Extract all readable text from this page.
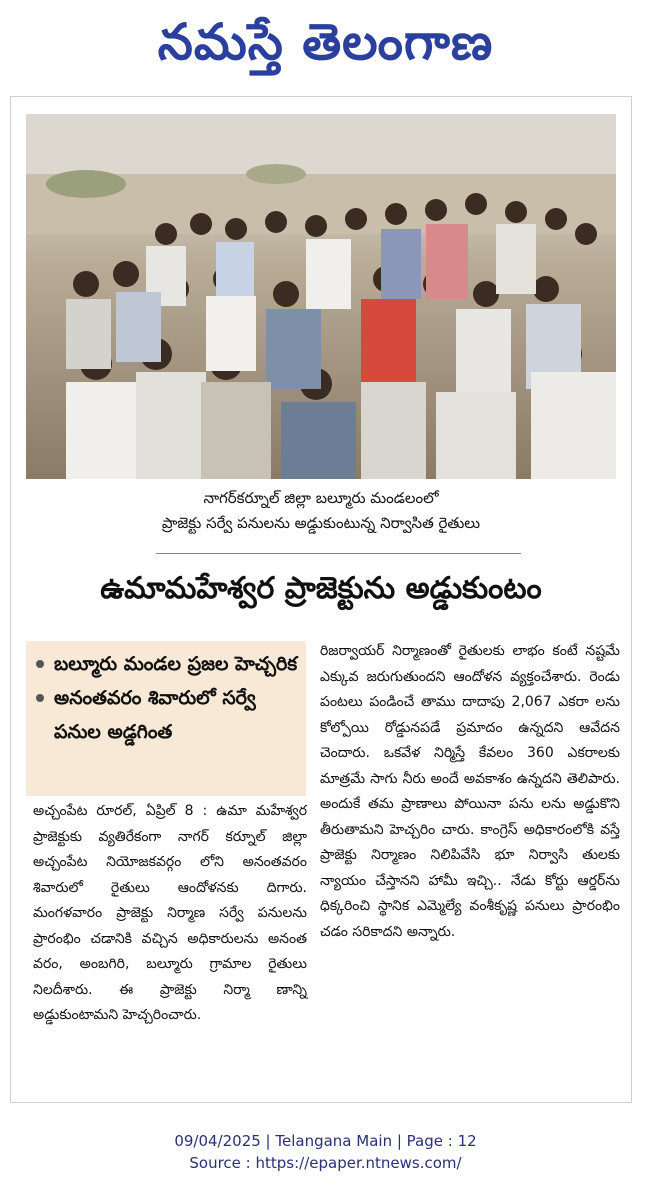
నమస్తే తెలంగాణ
నాగర్‌కర్నూల్ జిల్లా బల్మూరు మండలంలో
ప్రాజెక్టు సర్వే పనులను అడ్డుకుంటున్న నిర్వాసిత రైతులు
ఉమామహేశ్వర ప్రాజెక్టును అడ్డుకుంటం
బల్మూరు మండల ప్రజల హెచ్చరిక
అనంతవరం శివారులో సర్వే పనుల అడ్డగింత
అచ్చంపేట రూరల్, ఏప్రిల్ 8 : ఉమా మహేశ్వర ప్రాజెక్టుకు వ్యతిరేకంగా నాగర్ కర్నూల్ జిల్లా అచ్చంపేట నియోజకవర్గం లోని అనంతవరం శివారులో రైతులు ఆందోళనకు దిగారు. మంగళవారం ప్రాజెక్టు నిర్మాణ సర్వే పనులను ప్రారంభిం చడానికి వచ్చిన అధికారులను అనంత వరం, అంబగిరి, బల్మూరు గ్రామాల రైతులు నిలదీశారు. ఈ ప్రాజెక్టు నిర్మా ణాన్ని అడ్డుకుంటామని హెచ్చరించారు.
రిజర్వాయర్ నిర్మాణంతో రైతులకు లాభం కంటే నష్టమే ఎక్కువ జరుగుతుందని ఆందోళన వ్యక్తంచేశారు. రెండు పంటలు పండించే తాము దాదాపు 2,067 ఎకరా లను కోల్పోయి రోడ్డునపడే ప్రమాదం ఉన్నదని ఆవేదన చెందారు. ఒకవేళ నిర్మిస్తే కేవలం 360 ఎకరాలకు మాత్రమే సాగు నీరు అందే అవకాశం ఉన్నదని తెలిపారు. అందుకే తమ ప్రాణాలు పోయినా పను లను అడ్డుకొని తీరుతామని హెచ్చరిం చారు. కాంగ్రెస్ అధికారంలోకి వస్తే ప్రాజెక్టు నిర్మాణం నిలిపివేసి భూ నిర్వాసి తులకు న్యాయం చేస్తానని హామీ ఇచ్చి.. నేడు కోర్టు ఆర్డర్‌ను ధిక్కరించి స్థానిక ఎమ్మెల్యే వంశీకృష్ణ పనులు ప్రారంభిం చడం సరికాదని అన్నారు.
09/04/2025 | Telangana Main | Page : 12
Source : https://epaper.ntnews.com/
